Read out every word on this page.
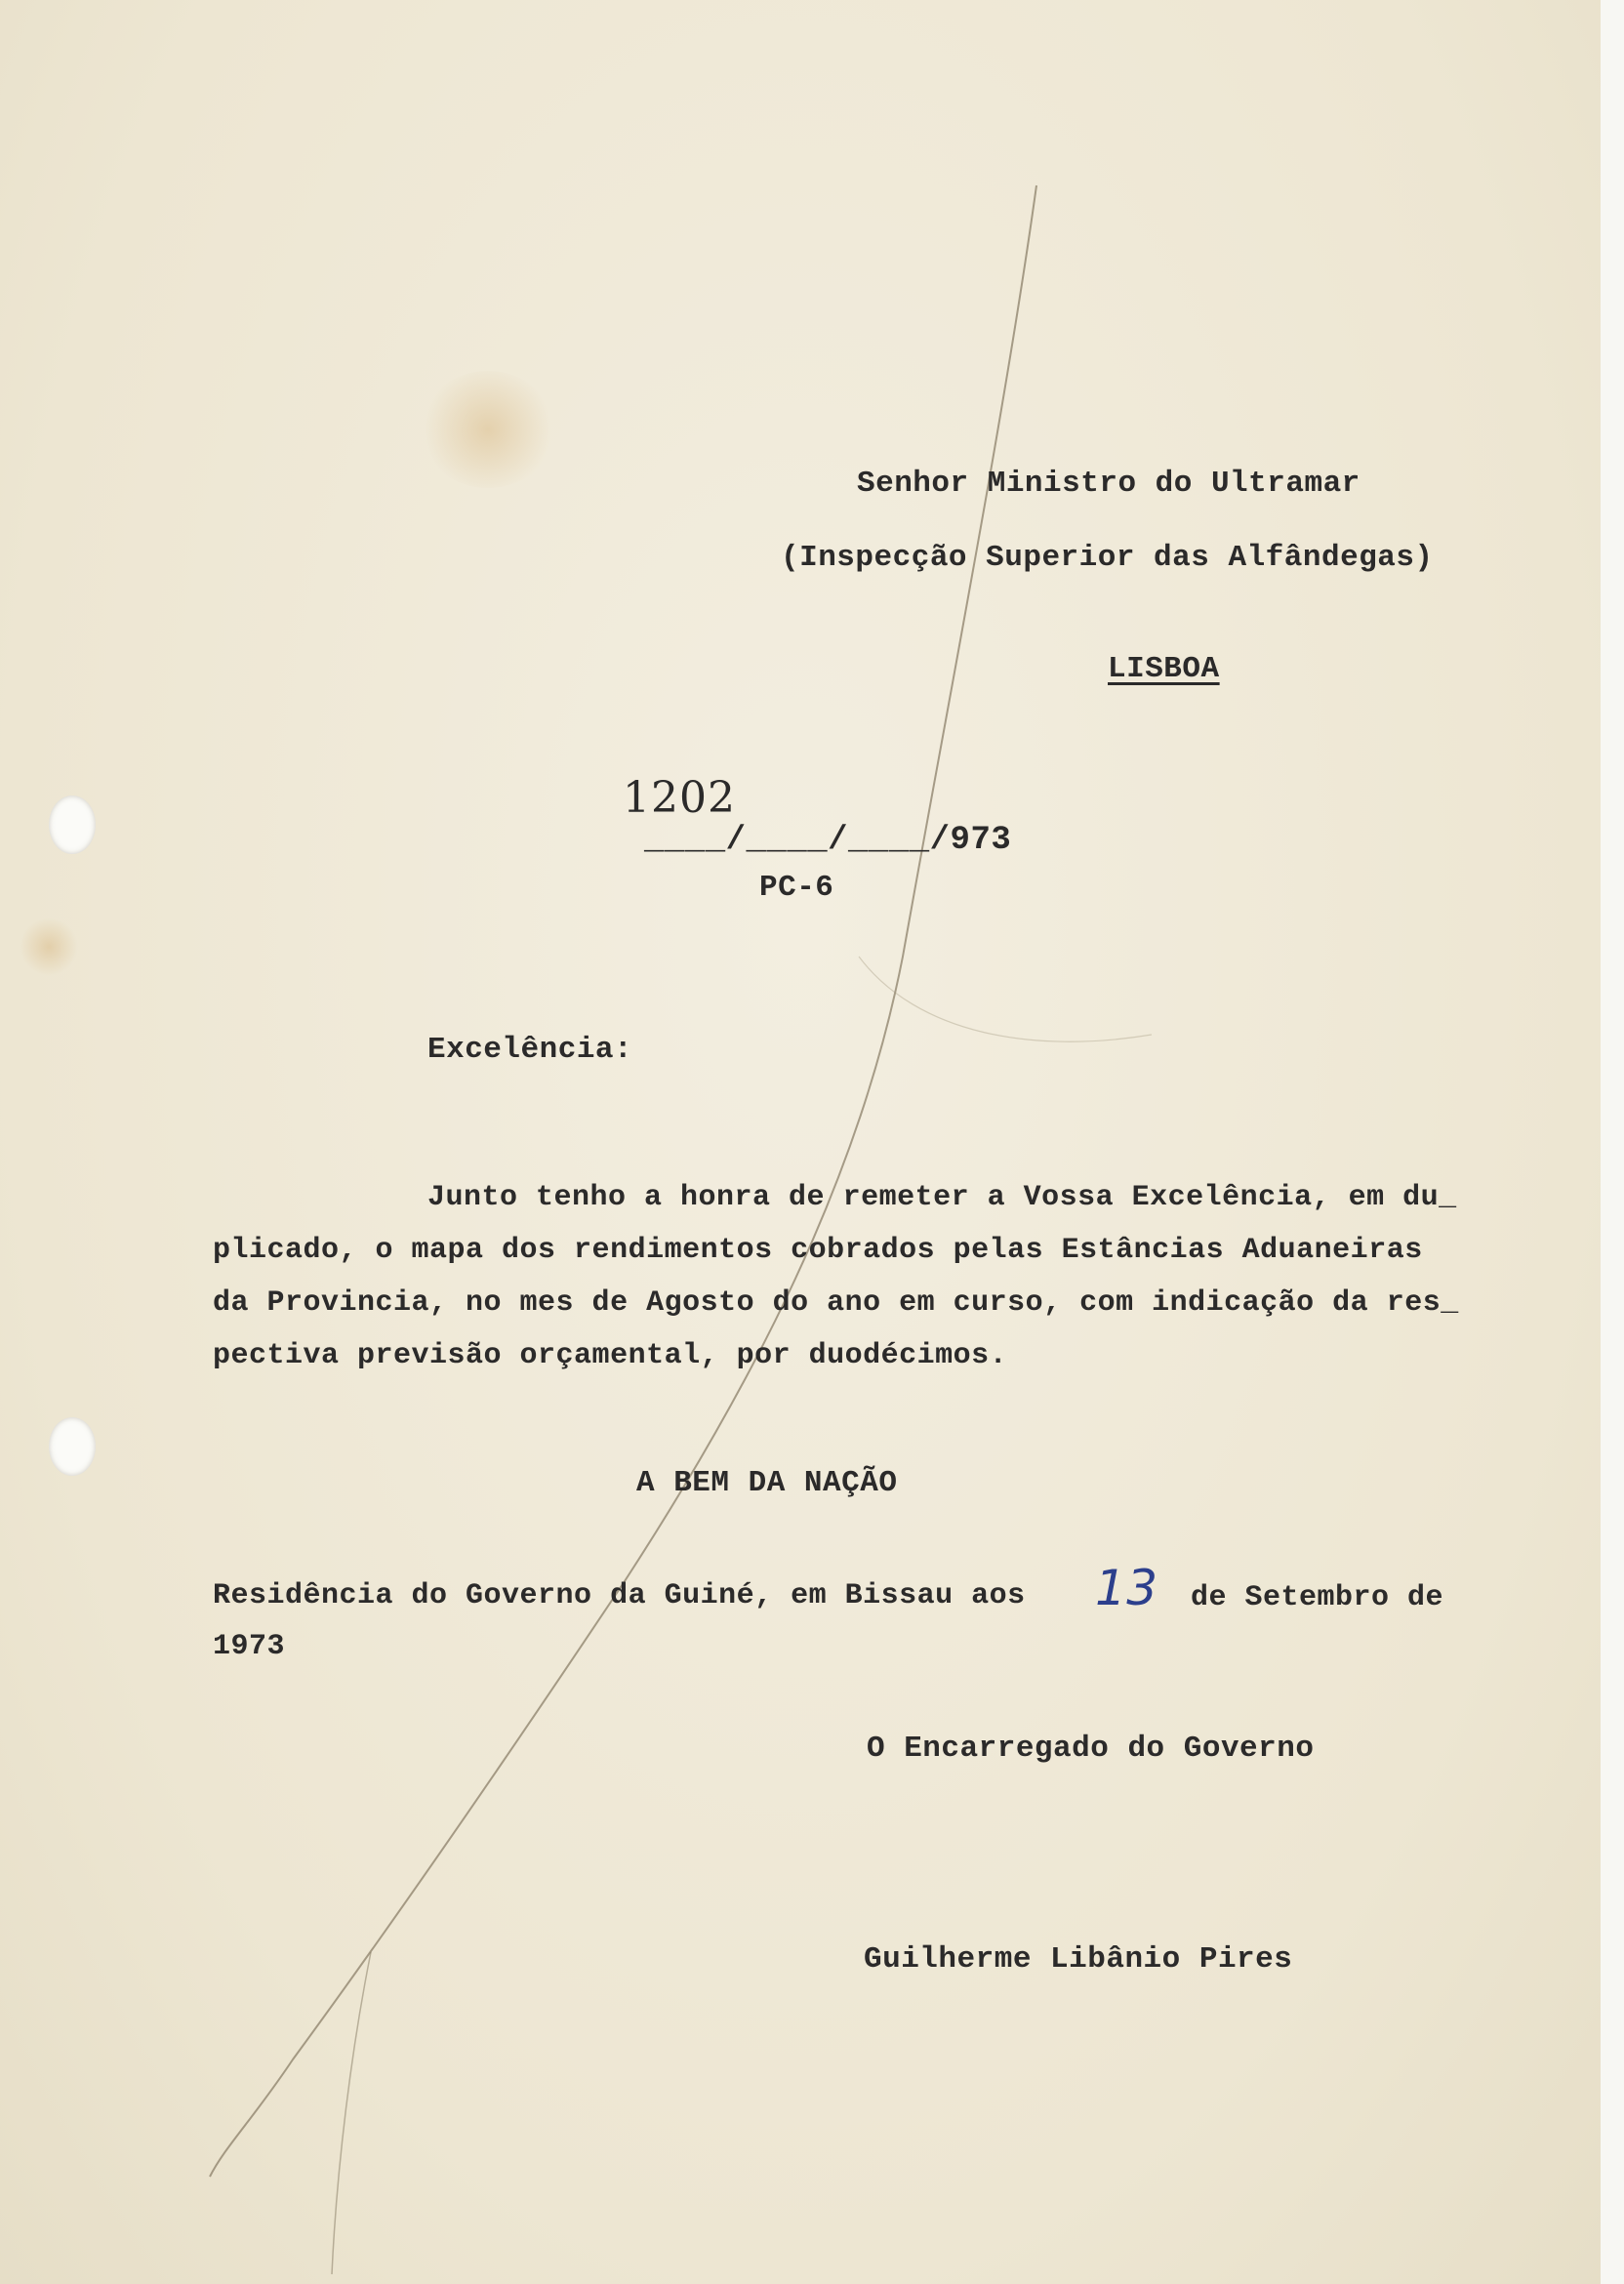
Senhor Ministro do Ultramar
(Inspecção Superior das Alfândegas)
LISBOA
1202
____/____/____/973
PC-6
Excelência:
Junto tenho a honra de remeter a Vossa Excelência, em du_
plicado, o mapa dos rendimentos cobrados pelas Estâncias Aduaneiras
da Provincia, no mes de Agosto do ano em curso, com indicação da res_
pectiva previsão orçamental, por duodécimos.
A BEM DA NAÇÃO
Residência do Governo da Guiné, em Bissau aos 13 de Setembro de
1973
O Encarregado do Governo
Guilherme Libânio Pires
